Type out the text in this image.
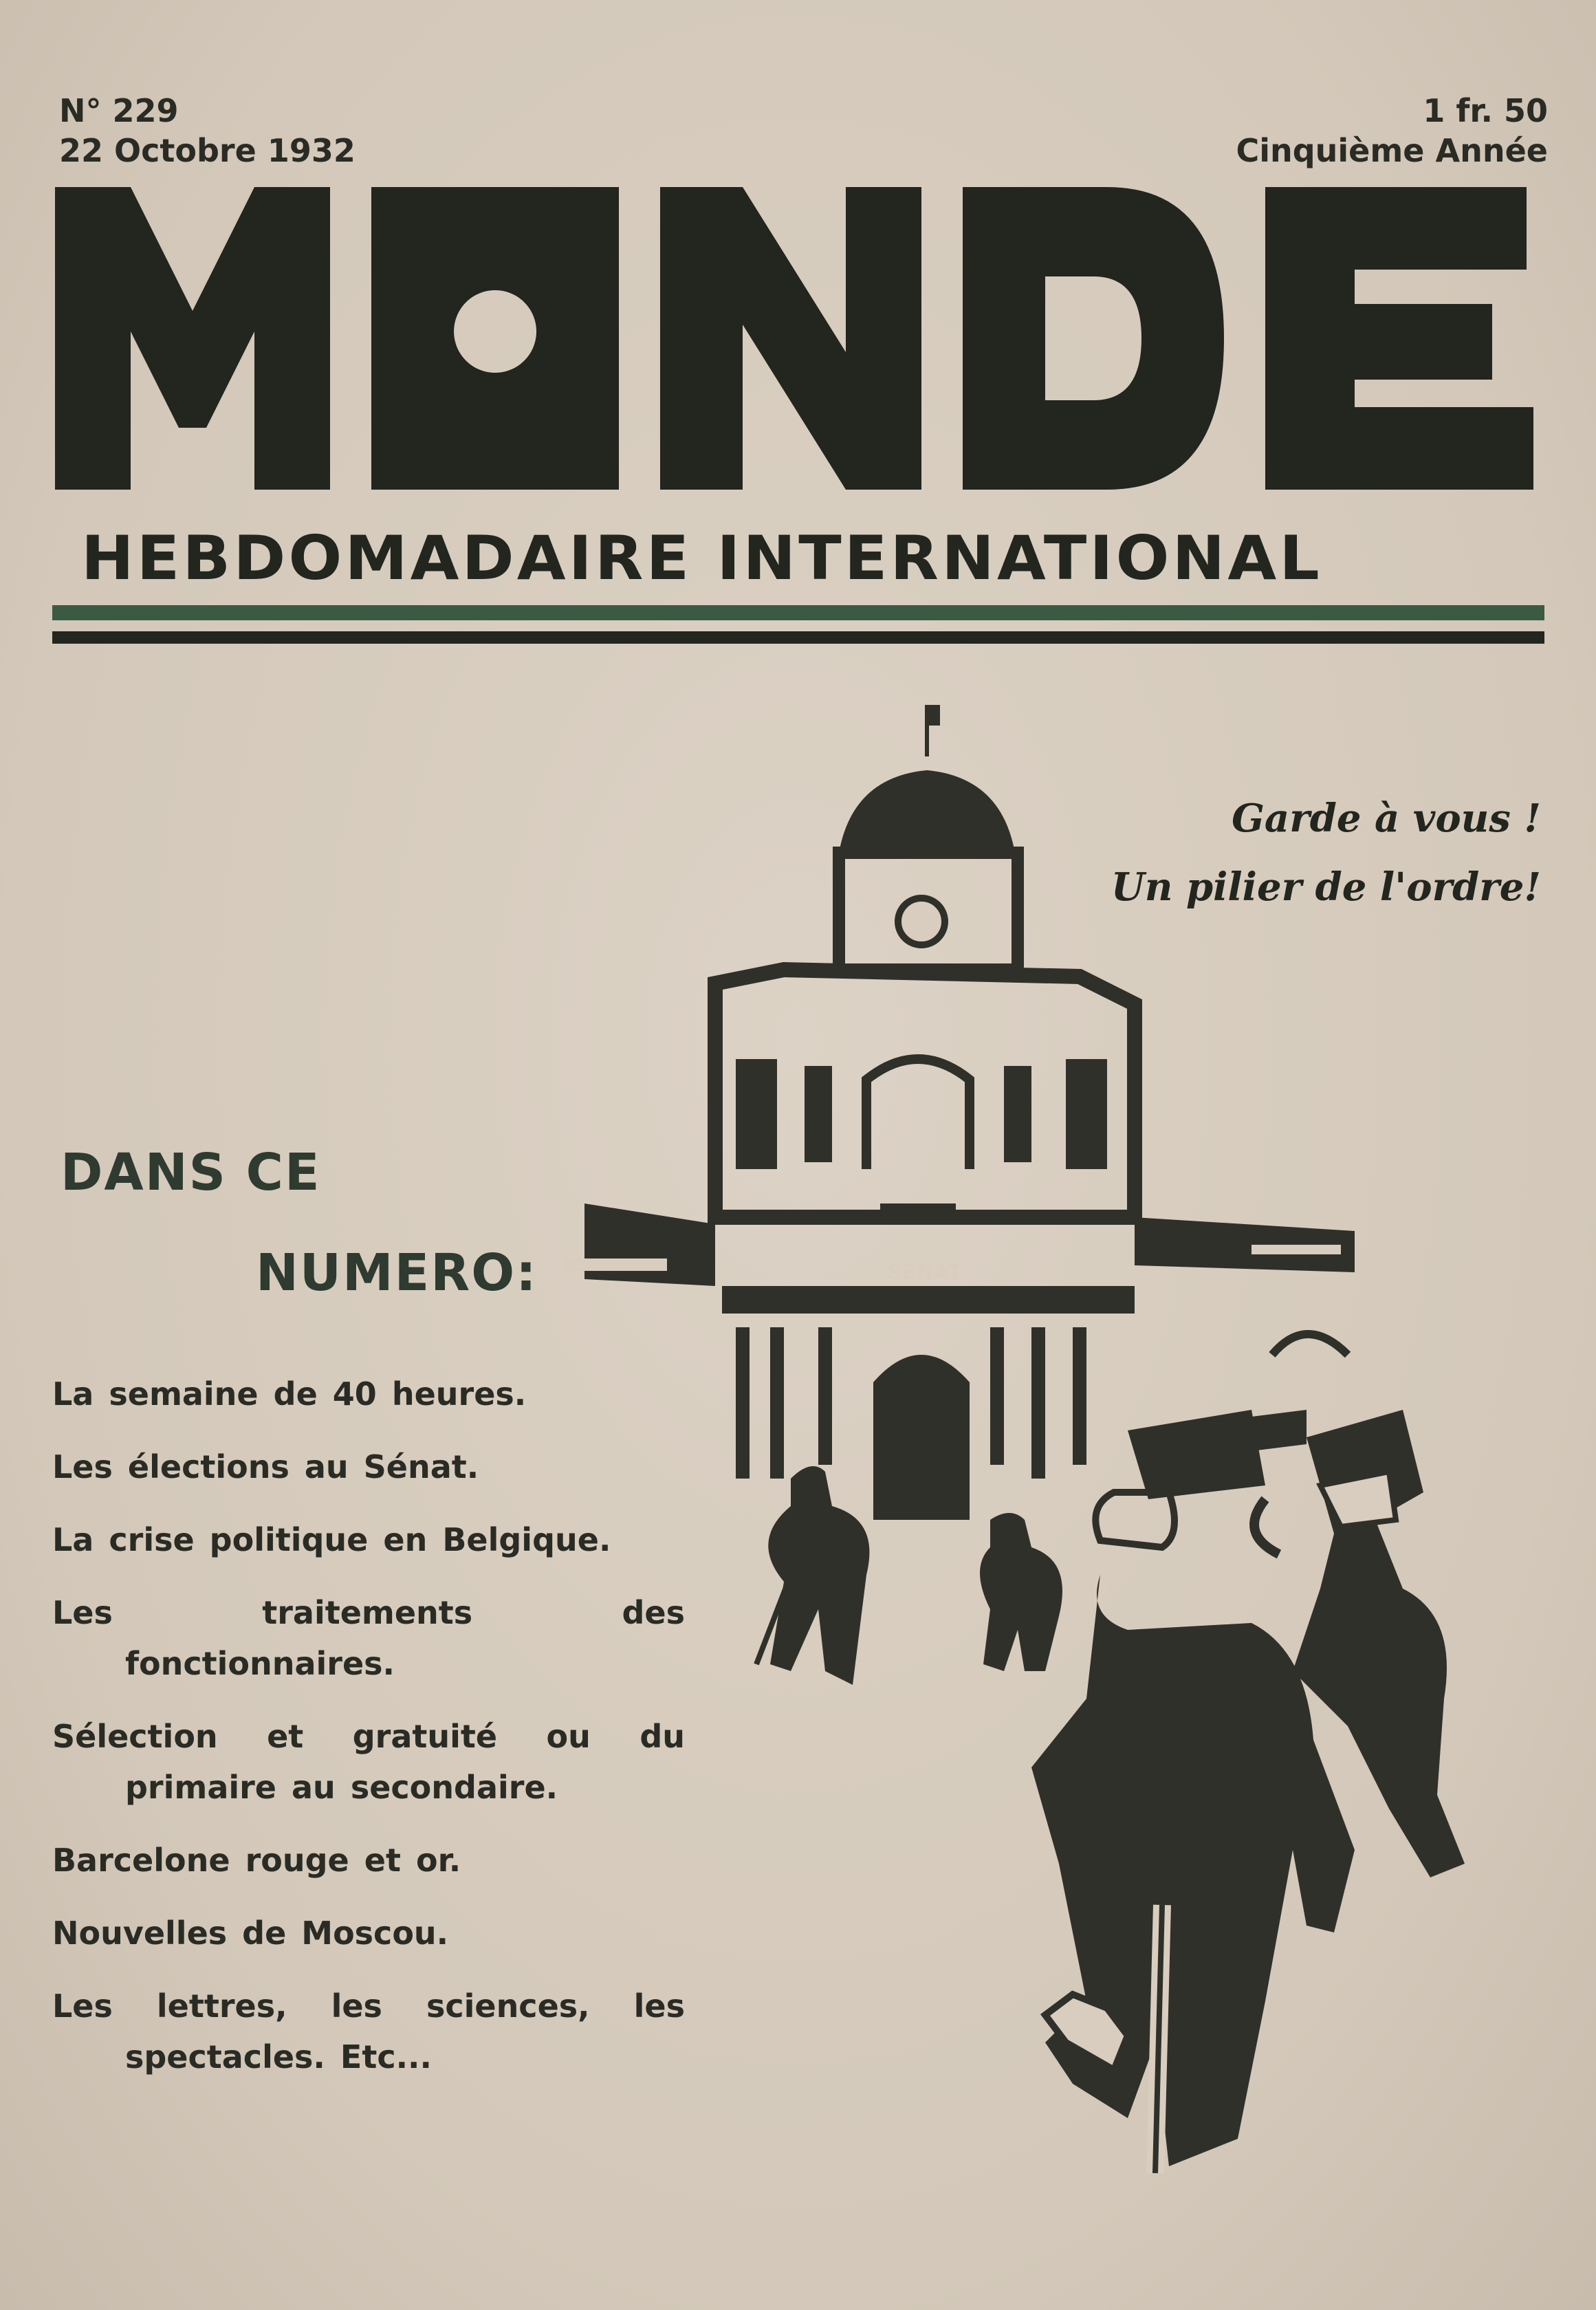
N° 229
22 Octobre 1932
1 fr. 50
Cinquième Année
HEBDOMADAIRE INTERNATIONAL
Garde à vous !
Un pilier de l'ordre!
SENAT
DANS CE
NUMERO:
La semaine de 40 heures.
Les élections au Sénat.
La crise politique en Belgique.
Les traitements des fonctionnaires.
Sélection et gratuité ou du primaire au secondaire.
Barcelone rouge et or.
Nouvelles de Moscou.
Les lettres, les sciences, les spectacles. Etc...
